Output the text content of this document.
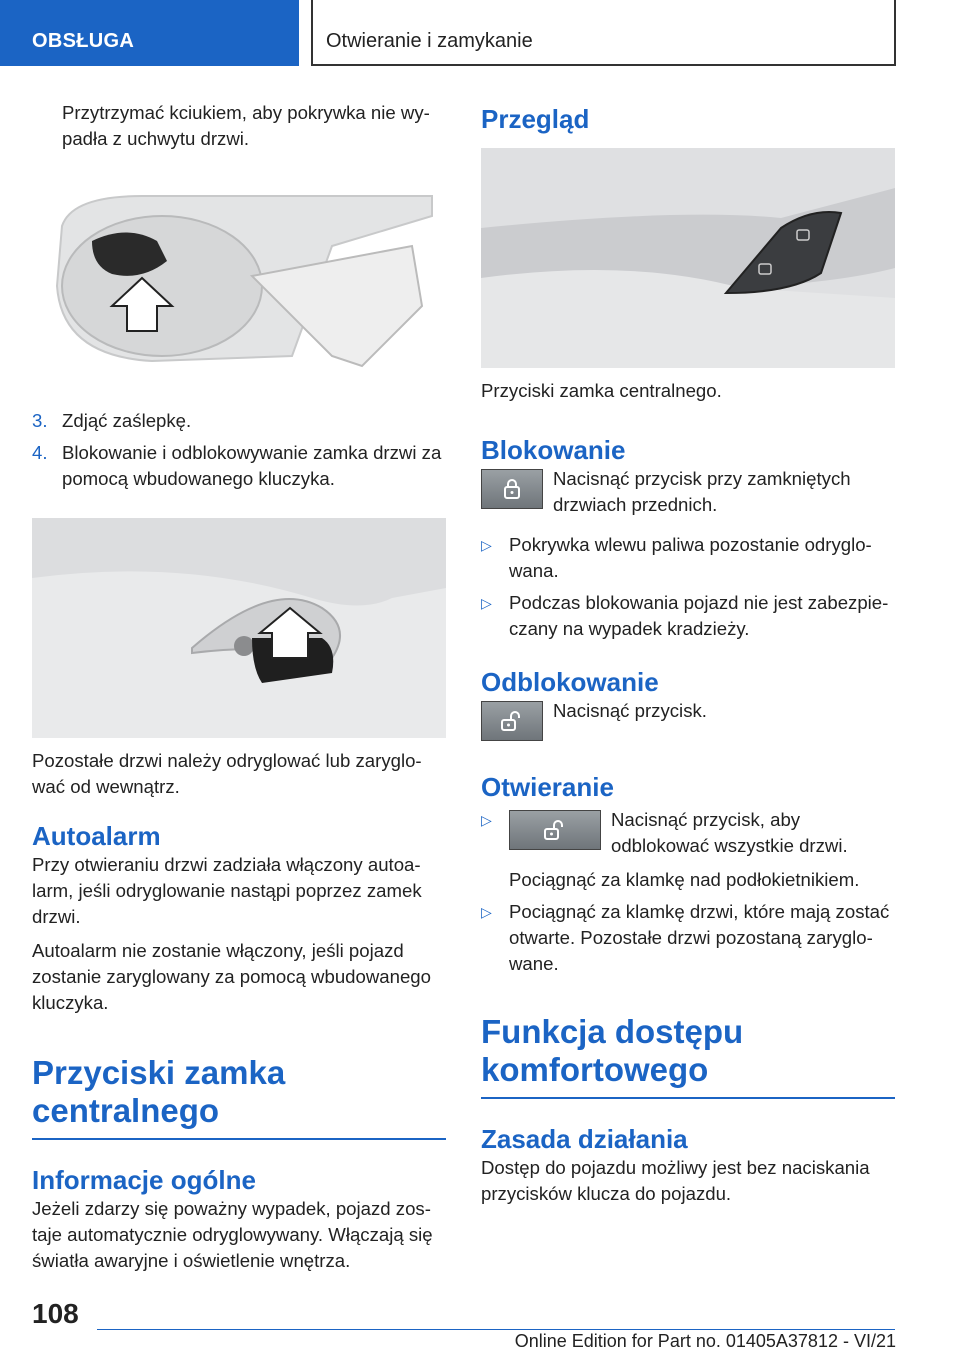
OBSŁUGA	Otwieranie i zamykanie

Przytrzymać kciukiem, aby pokrywka nie wy-padła z uchwytu drzwi.

3. Zdjąć zaślepkę.
4. Blokowanie i odblokowywanie zamka drzwi za pomocą wbudowanego kluczyka.

Pozostałe drzwi należy odryglować lub zaryglo-wać od wewnątrz.

Autoalarm

Przy otwieraniu drzwi zadziała włączony autoa-larm, jeśli odryglowanie nastąpi poprzez zamek drzwi.

Autoalarm nie zostanie włączony, jeśli pojazd zostanie zaryglowany za pomocą wbudowanego kluczyka.

Przyciski zamka
centralnego
Informacje ogólne

Jeżeli zdarzy się poważny wypadek, pojazd zos-taje automatycznie odryglowywany. Włączają się światła awaryjne i oświetlenie wnętrza.

Przegląd

Przyciski zamka centralnego.

Blokowanie

Nacisnąć przycisk przy zamkniętych drzwiach przednich.

▷ Pokrywka wlewu paliwa pozostanie odryglo-wana.
▷ Podczas blokowania pojazd nie jest zabezpie-czany na wypadek kradzieży.
Odblokowanie

Nacisnąć przycisk.

Otwieranie
▷	Nacisnąć przycisk, aby odblokować wszystkie drzwi.

Pociągnąć za klamkę nad podłokietnikiem.

▷ Pociągnąć za klamkę drzwi, które mają zostać otwarte. Pozostałe drzwi pozostaną zaryglo-wane.
Funkcja dostępu
komfortowego
Zasada działania

Dostęp do pojazdu możliwy jest bez naciskania przycisków klucza do pojazdu.

108
Online Edition for Part no. 01405A37812 - VI/21
